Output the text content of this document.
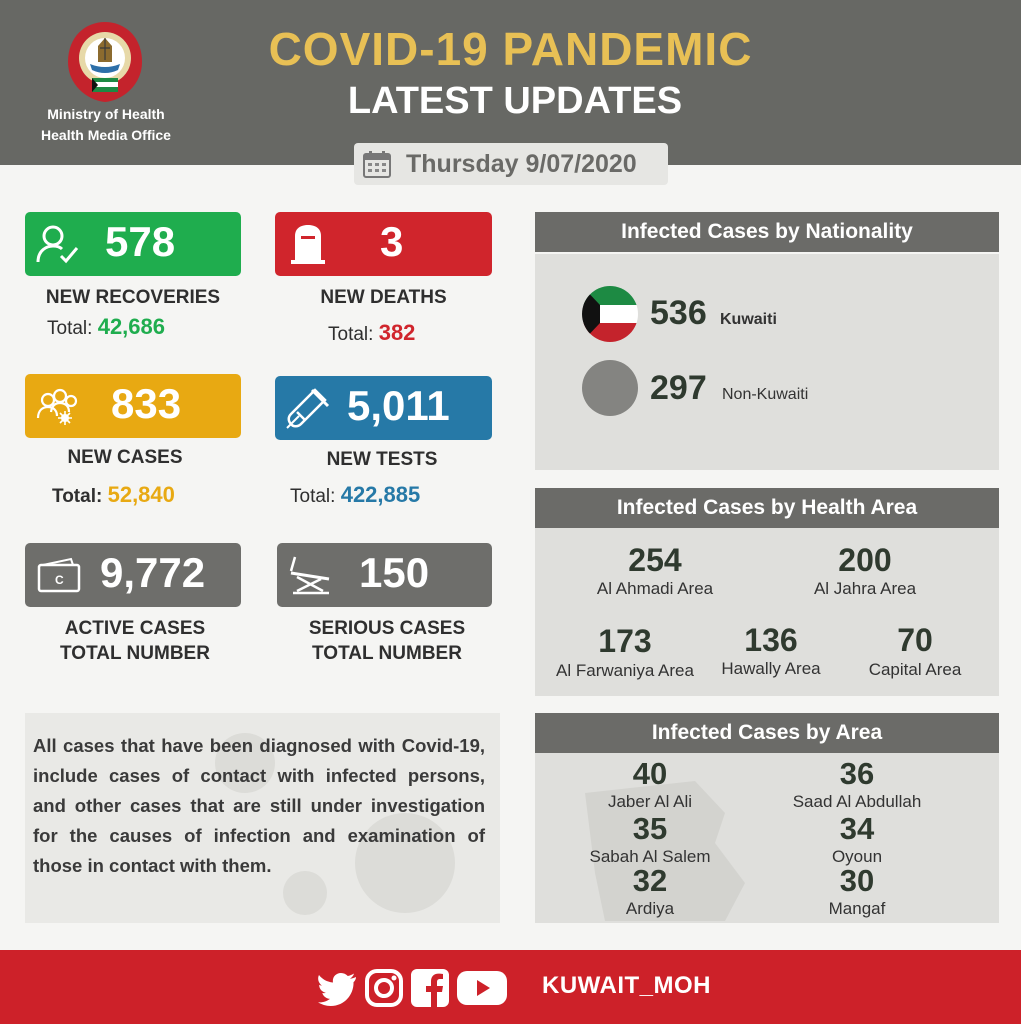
Ministry of Health
Health Media Office
COVID-19 PANDEMIC
LATEST UPDATES
Thursday 9/07/2020
578
NEW RECOVERIES
Total: 42,686
3
NEW DEATHS
Total: 382
833
NEW CASES
Total: 52,840
5,011
NEW TESTS
Total: 422,885
C 9,772
ACTIVE CASES
TOTAL NUMBER
150
SERIOUS CASES
TOTAL NUMBER
All cases that have been diagnosed with Covid-19, include cases of contact with infected persons, and other cases that are still under investigation for the causes of infection and examination of those in contact with them.
Infected Cases by Nationality
536 Kuwaiti
297 Non-Kuwaiti
Infected Cases by Health Area
254
Al Ahmadi Area
200
Al Jahra Area
173
Al Farwaniya Area
136
Hawally Area
70
Capital Area
Infected Cases by Area
40
Jaber Al Ali
36
Saad Al Abdullah
35
Sabah Al Salem
34
Oyoun
32
Ardiya
30
Mangaf
KUWAIT_MOH
